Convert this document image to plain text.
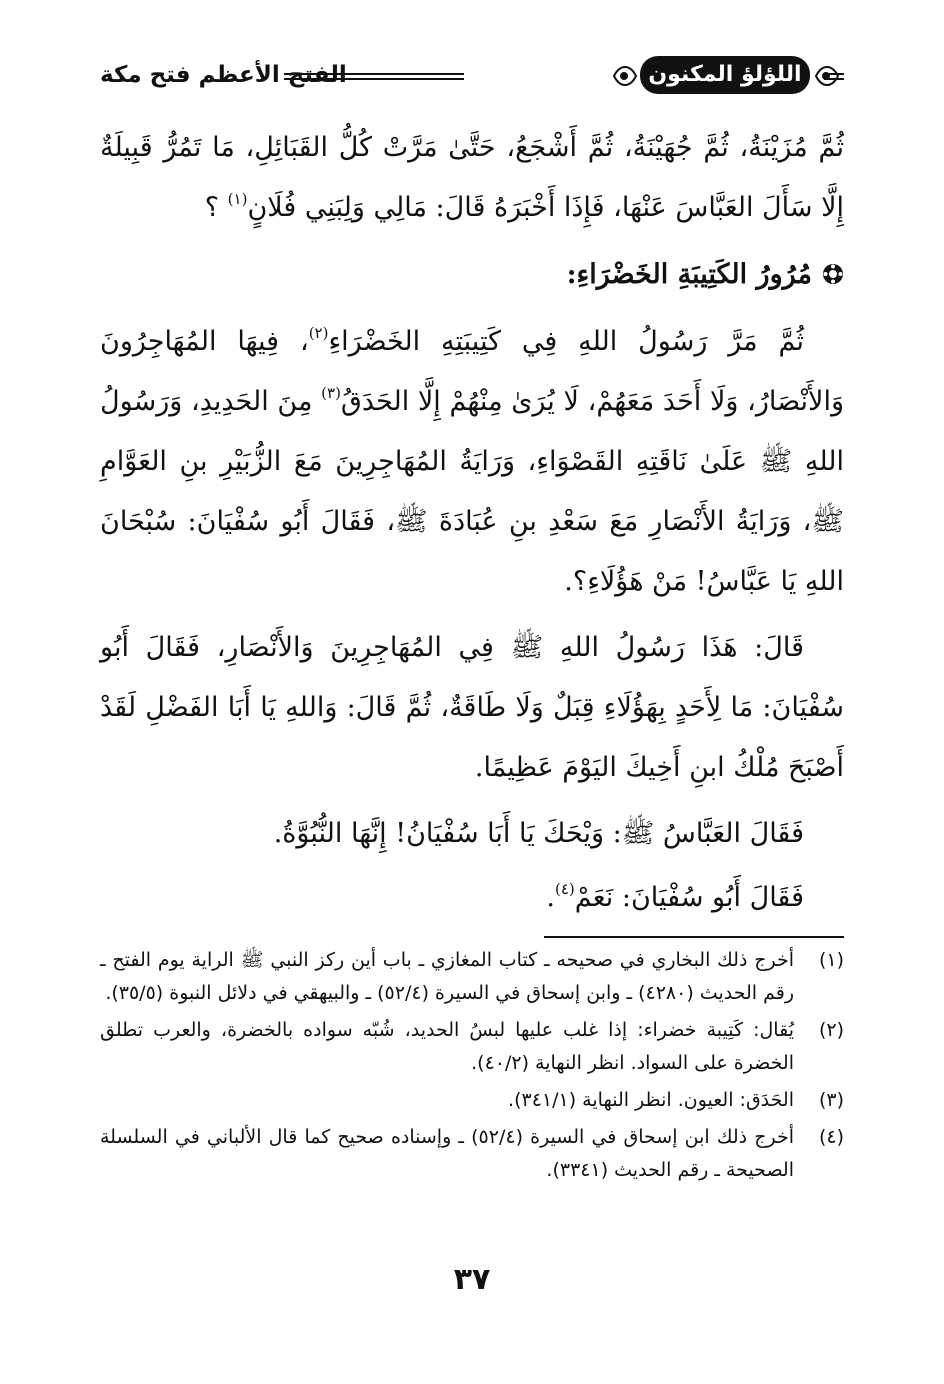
اللؤلؤ المكنون
الفتح الأعظم فتح مكة

ثُمَّ مُزَيْنَةُ، ثُمَّ جُهَيْنَةُ، ثُمَّ أَشْجَعُ، حَتَّىٰ مَرَّتْ كُلُّ القَبَائِلِ، مَا تَمُرُّ قَبِيلَةٌ إِلَّا سَأَلَ العَبَّاسَ عَنْهَا، فَإِذَا أَخْبَرَهُ قَالَ: مَالِي وَلِبَنِي فُلَانٍ$^{(١)}$ ؟

مُرُورُ الكَتِيبَةِ الخَضْرَاءِ:

ثُمَّ مَرَّ رَسُولُ اللهِ فِي كَتِيبَتِهِ الخَضْرَاءِ$^{(٢)}$، فِيهَا المُهَاجِرُونَ وَالأَنْصَارُ، وَلَا أَحَدَ مَعَهُمْ، لَا يُرَىٰ مِنْهُمْ إِلَّا الحَدَقُ$^{(٣)}$ مِنَ الحَدِيدِ، وَرَسُولُ اللهِ ﷺ عَلَىٰ نَاقَتِهِ القَصْوَاءِ، وَرَايَةُ المُهَاجِرِينَ مَعَ الزُّبَيْرِ بنِ العَوَّامِ ﷺ، وَرَايَةُ الأَنْصَارِ مَعَ سَعْدِ بنِ عُبَادَةَ ﷺ، فَقَالَ أَبُو سُفْيَانَ: سُبْحَانَ اللهِ يَا عَبَّاسُ! مَنْ هَؤُلَاءِ؟.

قَالَ: هَذَا رَسُولُ اللهِ ﷺ فِي المُهَاجِرِينَ وَالأَنْصَارِ، فَقَالَ أَبُو سُفْيَانَ: مَا لِأَحَدٍ بِهَؤُلَاءِ قِبَلٌ وَلَا طَاقَةٌ، ثُمَّ قَالَ: وَاللهِ يَا أَبَا الفَضْلِ لَقَدْ أَصْبَحَ مُلْكُ ابنِ أَخِيكَ اليَوْمَ عَظِيمًا.

فَقَالَ العَبَّاسُ ﷺ: وَيْحَكَ يَا أَبَا سُفْيَانُ! إِنَّهَا النُّبُوَّةُ.

فَقَالَ أَبُو سُفْيَانَ: نَعَمْ$^{(٤)}$.

(١)
أخرج ذلك البخاري في صحيحه ـ كتاب المغازي ـ باب أين ركز النبي ﷺ الراية يوم الفتح ـ رقم الحديث (٤٢٨٠) ـ وابن إسحاق في السيرة (٥٢/٤) ـ والبيهقي في دلائل النبوة (٣٥/٥).
(٢)
يُقال: كَتِيبة خضراء: إذا غلب عليها لبسُ الحديد، شُبّه سواده بالخضرة، والعرب تطلق الخضرة على السواد. انظر النهاية (٤٠/٢).
(٣)
الحَدَق: العيون. انظر النهاية (٣٤١/١).
(٤)
أخرج ذلك ابن إسحاق في السيرة (٥٢/٤) ـ وإسناده صحيح كما قال الألباني في السلسلة الصحيحة ـ رقم الحديث (٣٣٤١).
٣٧
